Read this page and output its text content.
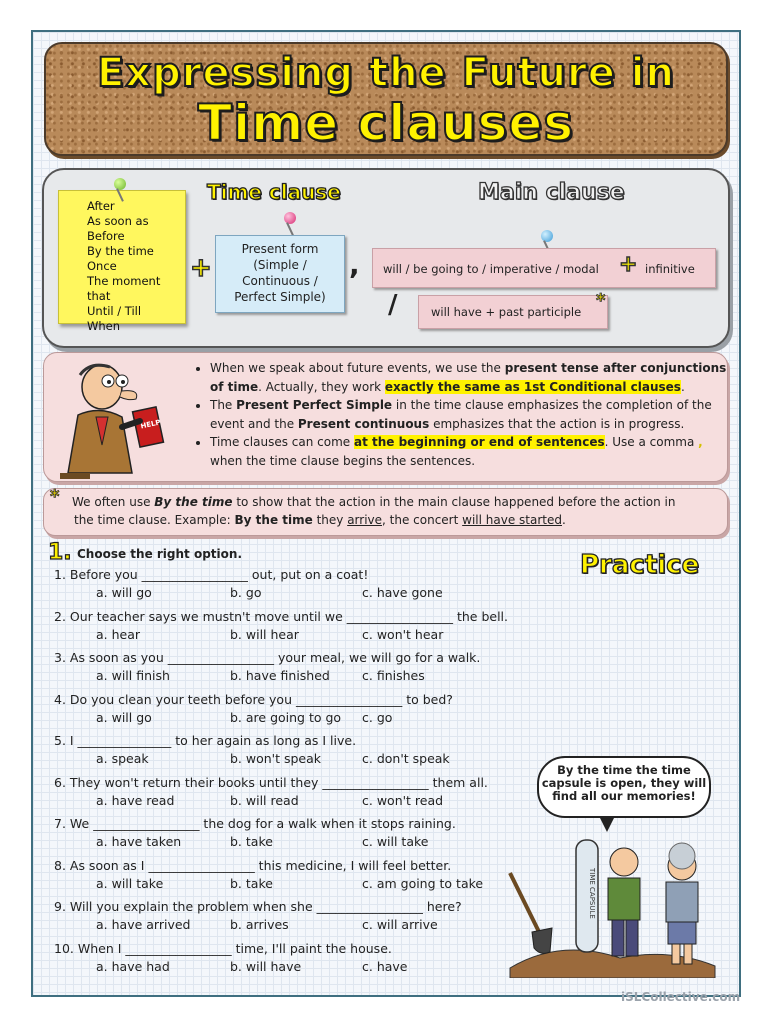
Expressing the Future in
Time clauses
After
As soon as
Before
By the time
Once
The moment that
Until / Till
When
Time clause	Main clause
+
Present form
(Simple /
Continuous /
Perfect Simple)
, will / be going to / imperative / modal	infinitive
+
/	will have + past participle
*
HELP
• When we speak about future events, we use the present tense after conjunctions of time. Actually, they work exactly the same as 1st Conditional clauses.
• The Present Perfect Simple in the time clause emphasizes the completion of the event and the Present continuous emphasizes that the action is in progress.
• Time clauses can come at the beginning or end of sentences. Use a comma , when the time clause begins the sentences.
* We often use By the time to show that the action in the main clause happened before the action in
the time clause. Example: By the time they arrive, the concert will have started.
1. Choose the right option.	Practice
1. Before you _________________ out, put on a coat!
a. will go	b. go	c. have gone
2. Our teacher says we mustn't move until we _________________ the bell.
a. hear	b. will hear	c. won't hear
3. As soon as you _________________ your meal, we will go for a walk.
a. will finish	b. have finished	c. finishes
4. Do you clean your teeth before you _________________ to bed?
a. will go	b. are going to go c. go
5. I _______________ to her again as long as I live.
a. speak	b. won't speak	c. don't speak
6. They won't return their books until they _________________ them all.
a. have read	b. will read	c. won't read
7. We _________________ the dog for a walk when it stops raining.
a. have taken	b. take	c. will take
8. As soon as I _________________ this medicine, I will feel better.
a. will take	b. take	c. am going to take
9. Will you explain the problem when she _________________ here?
a. have arrived	b. arrives	c. will arrive
10. When I _________________ time, I'll paint the house.
a. have had	b. will have	c. have
By the time the time capsule is open, they will find all our memories!
TIME CAPSULE
iSLCollective.com
